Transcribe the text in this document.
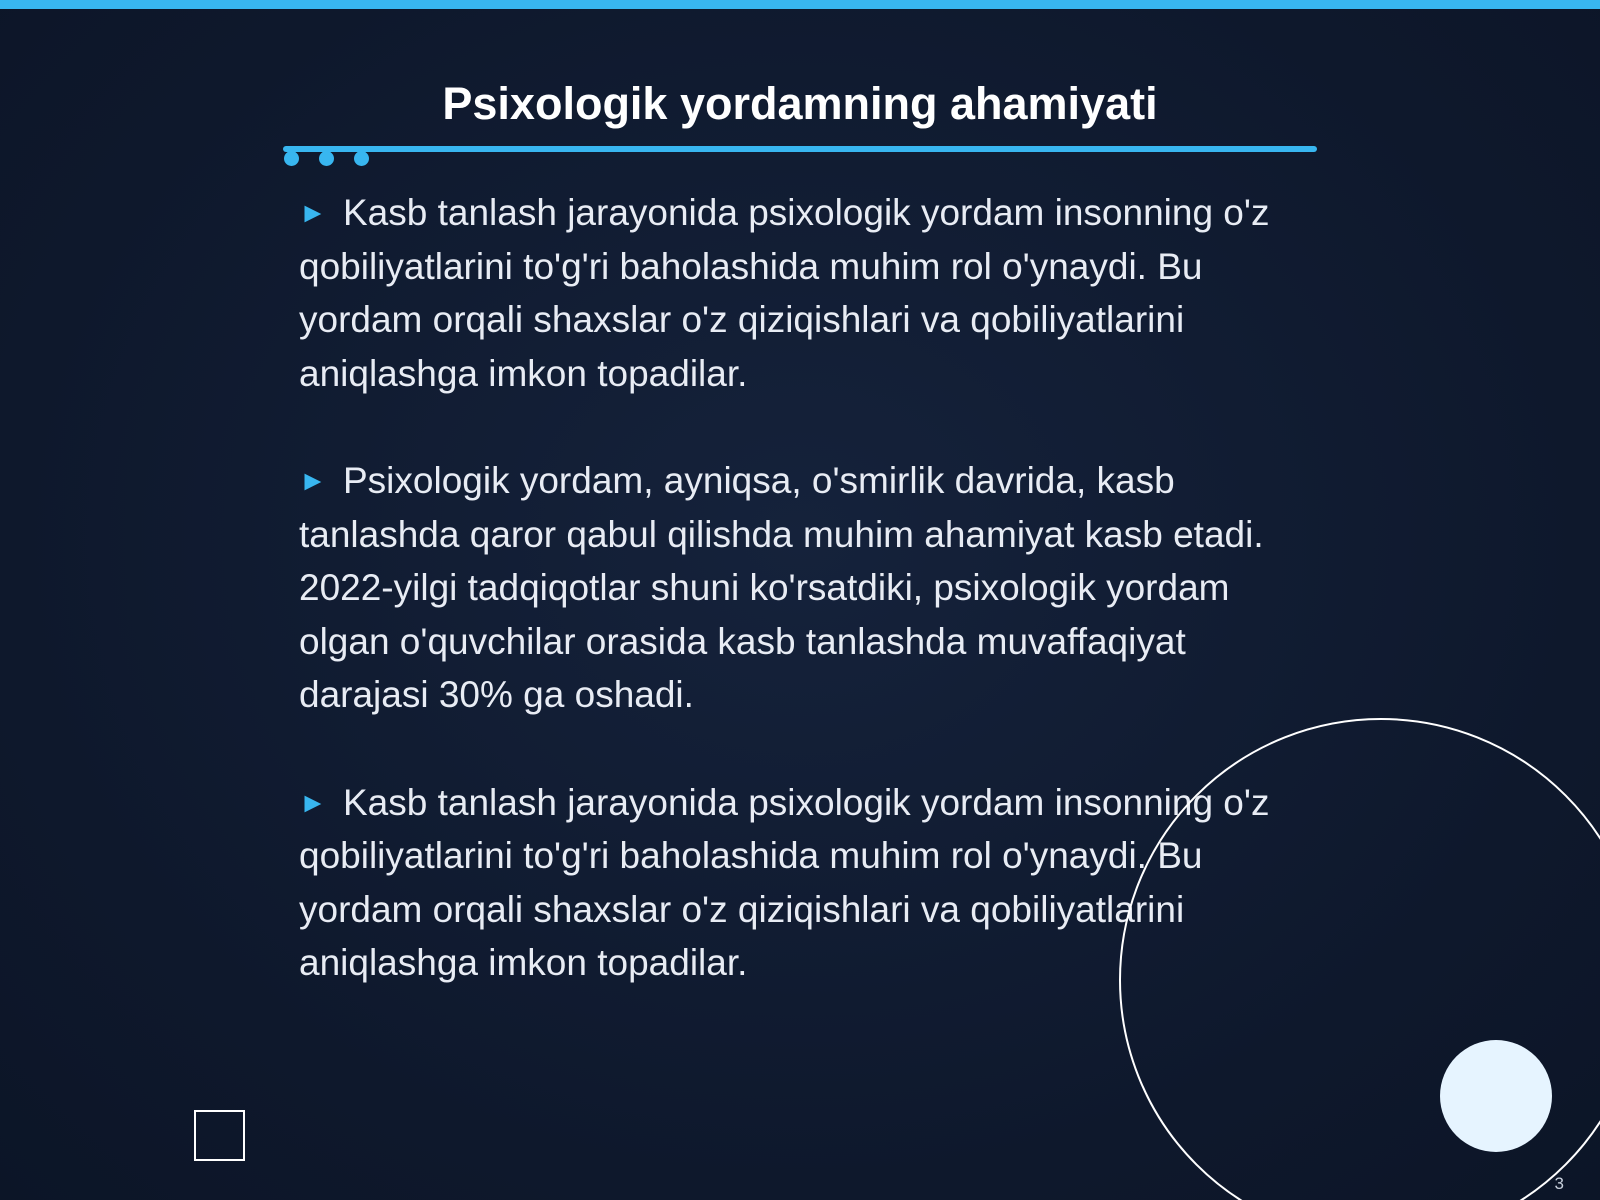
Psixologik yordamning ahamiyati

► Kasb tanlash jarayonida psixologik yordam insonning o'z qobiliyatlarini to'g'ri baholashida muhim rol o'ynaydi. Bu yordam orqali shaxslar o'z qiziqishlari va qobiliyatlarini aniqlashga imkon topadilar.

► Psixologik yordam, ayniqsa, o'smirlik davrida, kasb tanlashda qaror qabul qilishda muhim ahamiyat kasb etadi. 2022-yilgi tadqiqotlar shuni ko'rsatdiki, psixologik yordam olgan o'quvchilar orasida kasb tanlashda muvaffaqiyat darajasi 30% ga oshadi.

► Kasb tanlash jarayonida psixologik yordam insonning o'z qobiliyatlarini to'g'ri baholashida muhim rol o'ynaydi. Bu yordam orqali shaxslar o'z qiziqishlari va qobiliyatlarini aniqlashga imkon topadilar.

3
